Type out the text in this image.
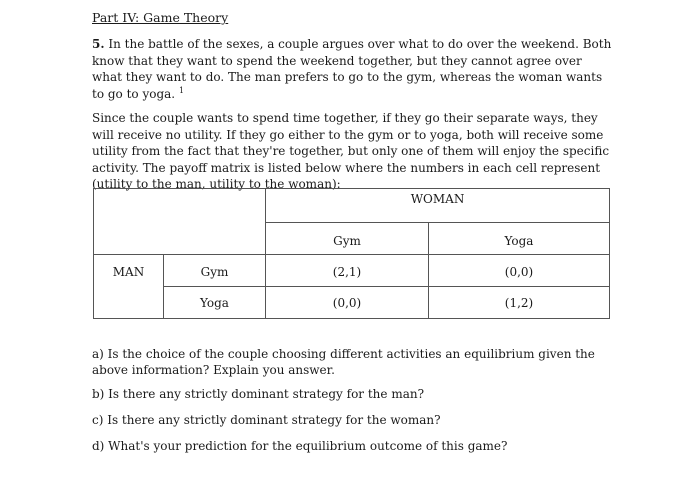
Part IV: Game Theory

5. In the battle of the sexes, a couple argues over what to do over the weekend. Both know that they want to spend the weekend together, but they cannot agree over what they want to do. The man prefers to go to the gym, whereas the woman wants to go to yoga. $^1$

Since the couple wants to spend time together, if they go their separate ways, they will receive no utility. If they go either to the gym or to yoga, both will receive some utility from the fact that they're together, but only one of them will enjoy the specific activity. The payoff matrix is listed below where the numbers in each cell represent (utility to the man, utility to the woman):

		WOMAN	
		Gym	Yoga
MAN	Gym	(2,1)	(0,0)
	Yoga	(0,0)	(1,2)

a) Is the choice of the couple choosing different activities an equilibrium given the above information? Explain you answer.

b) Is there any strictly dominant strategy for the man?

c) Is there any strictly dominant strategy for the woman?

d) What's your prediction for the equilibrium outcome of this game?
